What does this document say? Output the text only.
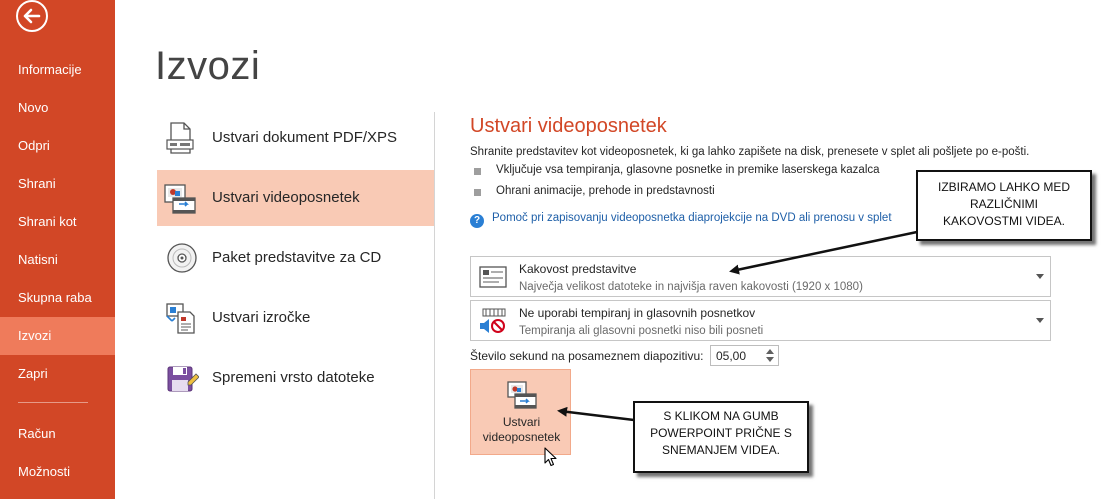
Informacije
Novo
Odpri
Shrani
Shrani kot
Natisni
Skupna raba
Izvozi
Zapri
Račun
Možnosti
Izvozi
Ustvari dokument PDF/XPS
Ustvari videoposnetek
Paket predstavitve za CD
Ustvari izročke
Spremeni vrsto datoteke
Ustvari videoposnetek
Shranite predstavitev kot videoposnetek, ki ga lahko zapišete na disk, prenesete v splet ali pošljete po e-pošti.
Vključuje vsa tempiranja, glasovne posnetke in premike laserskega kazalca
Ohrani animacije, prehode in predstavnosti
? Pomoč pri zapisovanju videoposnetka diaprojekcije na DVD ali prenosu v splet
Kakovost predstavitve
Največja velikost datoteke in najvišja raven kakovosti (1920 x 1080)
Ne uporabi tempiranj in glasovnih posnetkov
Tempiranja ali glasovni posnetki niso bili posneti
Število sekund na posameznem diapozitivu:
05,00
Ustvari
videoposnetek
IZBIRAMO LAHKO MED
RAZLIČNIMI
KAKOVOSTMI VIDEA.
S KLIKOM NA GUMB
POWERPOINT PRIČNE S
SNEMANJEM VIDEA.
